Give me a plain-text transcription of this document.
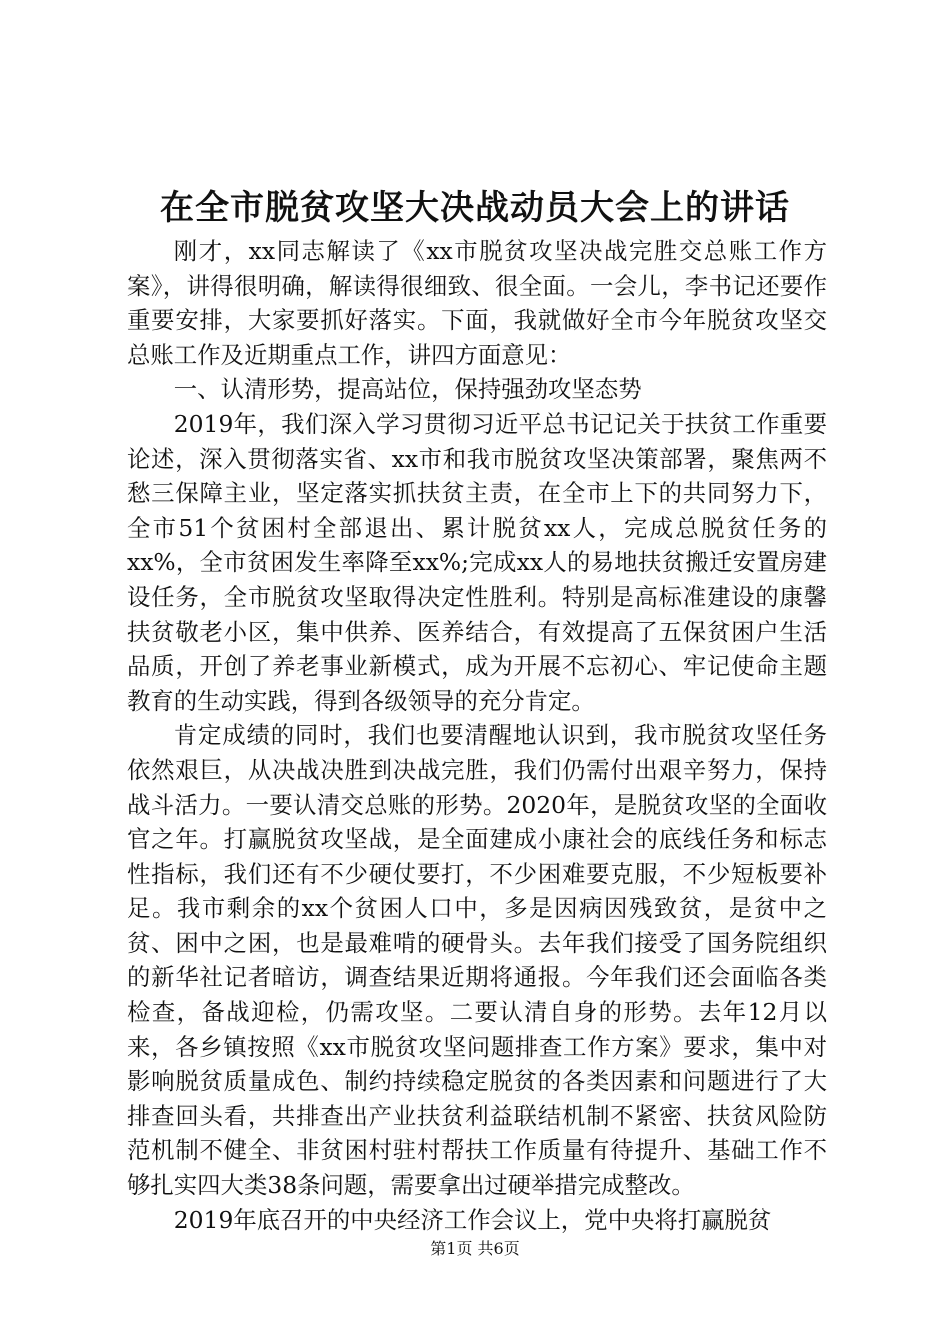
在全市脱贫攻坚大决战动员大会上的讲话

刚才，xx同志解读了《xx市脱贫攻坚决战完胜交总账工作方案》，讲得很明确，解读得很细致、很全面。一会儿，李书记还要作重要安排，大家要抓好落实。下面，我就做好全市今年脱贫攻坚交总账工作及近期重点工作，讲四方面意见：

一、认清形势，提高站位，保持强劲攻坚态势

2019年，我们深入学习贯彻习近平总书记记关于扶贫工作重要论述，深入贯彻落实省、xx市和我市脱贫攻坚决策部署，聚焦两不愁三保障主业，坚定落实抓扶贫主责，在全市上下的共同努力下，全市51个贫困村全部退出、累计脱贫xx人，完成总脱贫任务的xx%，全市贫困发生率降至xx%;完成xx人的易地扶贫搬迁安置房建设任务，全市脱贫攻坚取得决定性胜利。特别是高标准建设的康馨扶贫敬老小区，集中供养、医养结合，有效提高了五保贫困户生活品质，开创了养老事业新模式，成为开展不忘初心、牢记使命主题教育的生动实践，得到各级领导的充分肯定。

肯定成绩的同时，我们也要清醒地认识到，我市脱贫攻坚任务依然艰巨，从决战决胜到决战完胜，我们仍需付出艰辛努力，保持战斗活力。一要认清交总账的形势。2020年，是脱贫攻坚的全面收官之年。打赢脱贫攻坚战，是全面建成小康社会的底线任务和标志性指标，我们还有不少硬仗要打，不少困难要克服，不少短板要补足。我市剩余的xx个贫困人口中，多是因病因残致贫，是贫中之贫、困中之困，也是最难啃的硬骨头。去年我们接受了国务院组织的新华社记者暗访，调查结果近期将通报。今年我们还会面临各类检查，备战迎检，仍需攻坚。二要认清自身的形势。去年12月以来，各乡镇按照《xx市脱贫攻坚问题排查工作方案》要求，集中对影响脱贫质量成色、制约持续稳定脱贫的各类因素和问题进行了大排查回头看，共排查出产业扶贫利益联结机制不紧密、扶贫风险防范机制不健全、非贫困村驻村帮扶工作质量有待提升、基础工作不够扎实四大类38条问题，需要拿出过硬举措完成整改。

2019年底召开的中央经济工作会议上，党中央将打赢脱贫

第1页 共6页
